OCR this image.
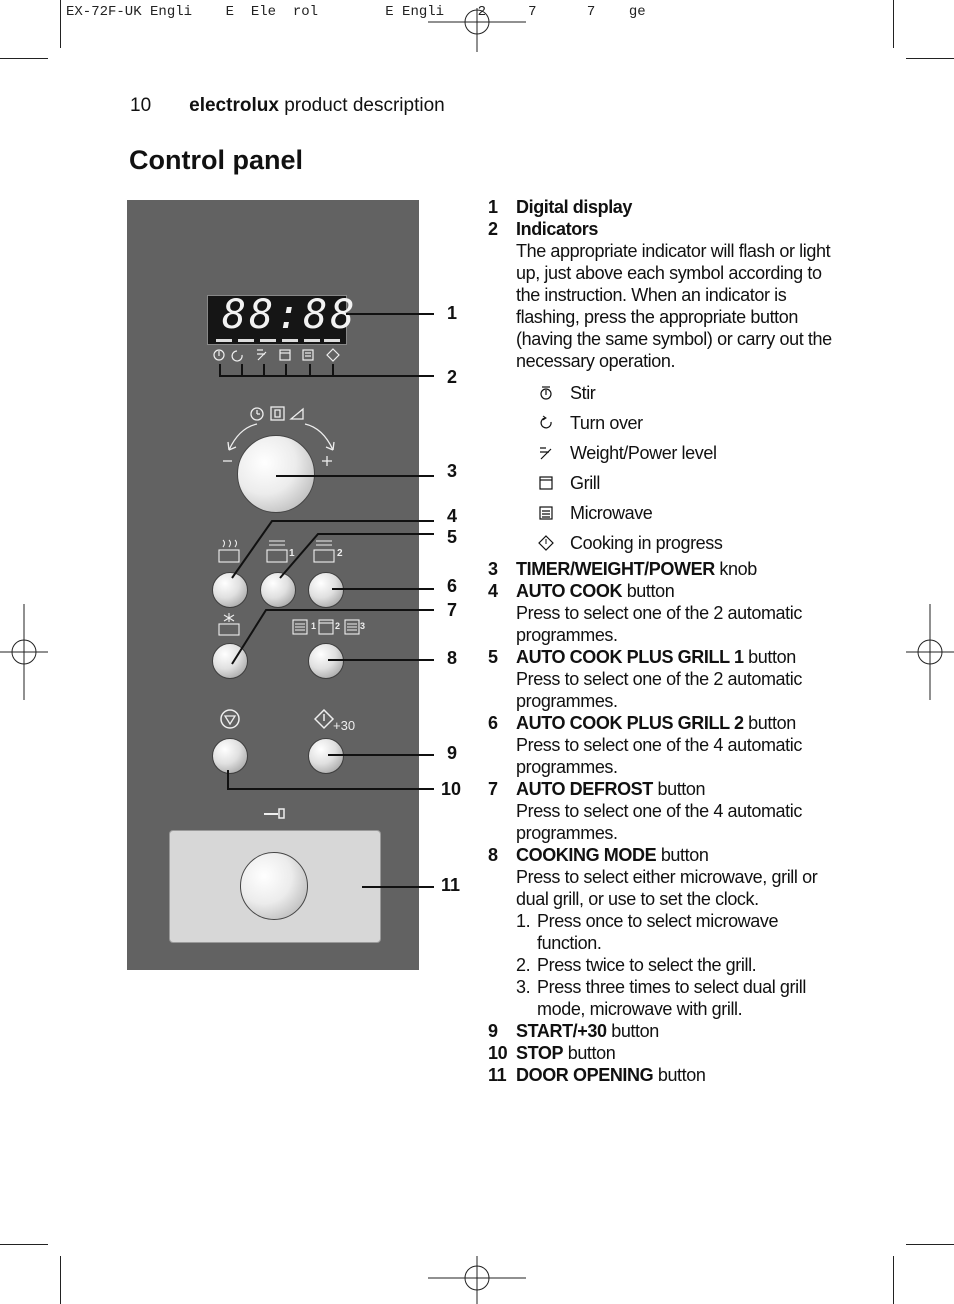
EX-72F-UK Engli    E  Ele  rol        E Engli    2     7      7    ge
10 electrolux product description
Control panel
88:88
1	2
1 2 3
+30
1
2
3
4
5
6
7
8
9
10
11
1	Digital display
2	Indicators
The appropriate indicator will flash or light up, just above each symbol according to the instruction. When an indicator is flashing, press the appropriate button (having the same symbol) or carry out the necessary operation.
Stir
Turn over
Weight/Power level
Grill
Microwave
Cooking in progress
3	TIMER/WEIGHT/POWER knob
4	AUTO COOK button
Press to select one of the 2 automatic programmes.
5	AUTO COOK PLUS GRILL 1 button
Press to select one of the 2 automatic programmes.
6	AUTO COOK PLUS GRILL 2 button
Press to select one of the 4 automatic programmes.
7	AUTO DEFROST button
Press to select one of the 4 automatic programmes.
8	COOKING MODE button
Press to select either microwave, grill or dual grill, or use to set the clock.
1. Press once to select microwave function.
2. Press twice to select the grill.
3. Press three times to select dual grill mode, microwave with grill.
9	START/+30 button
10 STOP button
11 DOOR OPENING button
